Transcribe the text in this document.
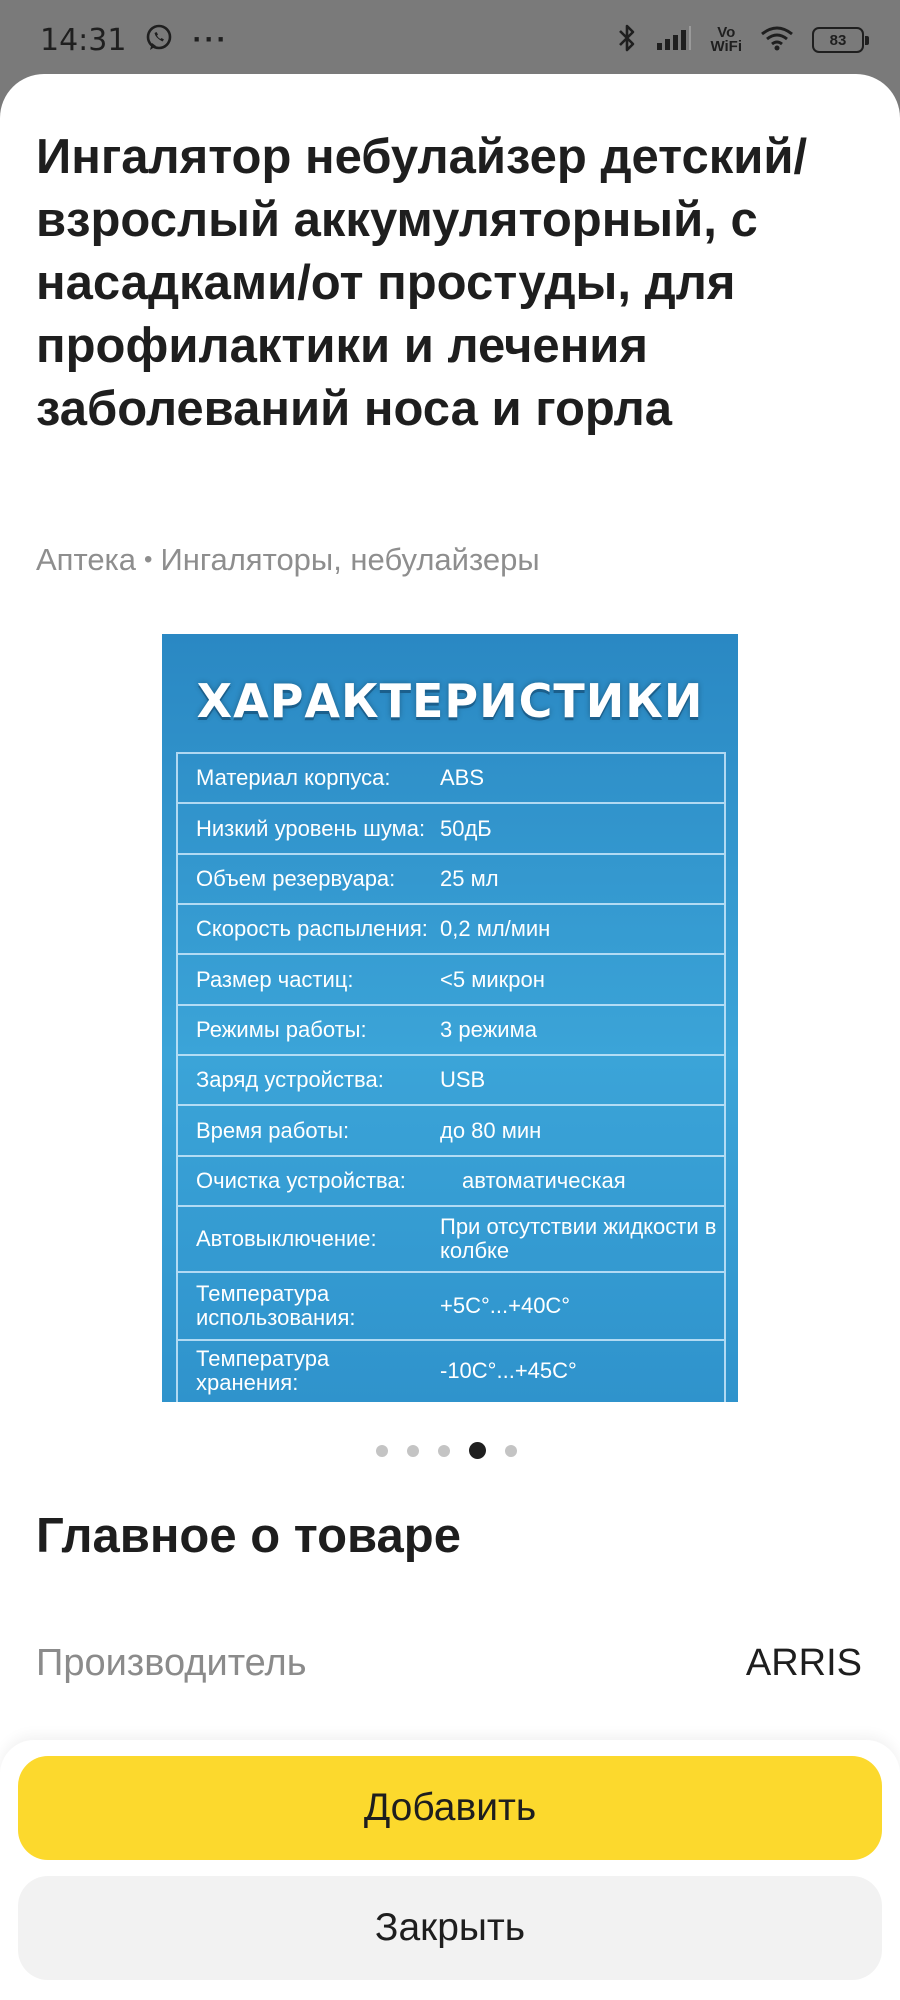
14:31 ···	Vo
WiFi	83
Ингалятор небулайзер детский/взрослый аккумуляторный, с насадками/от простуды, для профилактики и лечения заболеваний носа и горла
Аптека • Ингаляторы, небулайзеры
ХАРАКТЕРИСТИКИ
Материал корпуса:	ABS
Низкий уровень шума: 50дБ
Объем резервуара:	25 мл
Скорость распыления: 0,2 мл/мин
Размер частиц:	<5 микрон
Режимы работы:	3 режима
Заряд устройства:	USB
Время работы:	до 80 мин
Очистка устройства:	автоматическая
Автовыключение:	При отсутствии жидкости в колбке
Температура использования:	+5C°...+40C°
Температура хранения:	-10C°...+45C°
Главное о товаре
Производитель	ARRIS
Добавить
Закрыть
